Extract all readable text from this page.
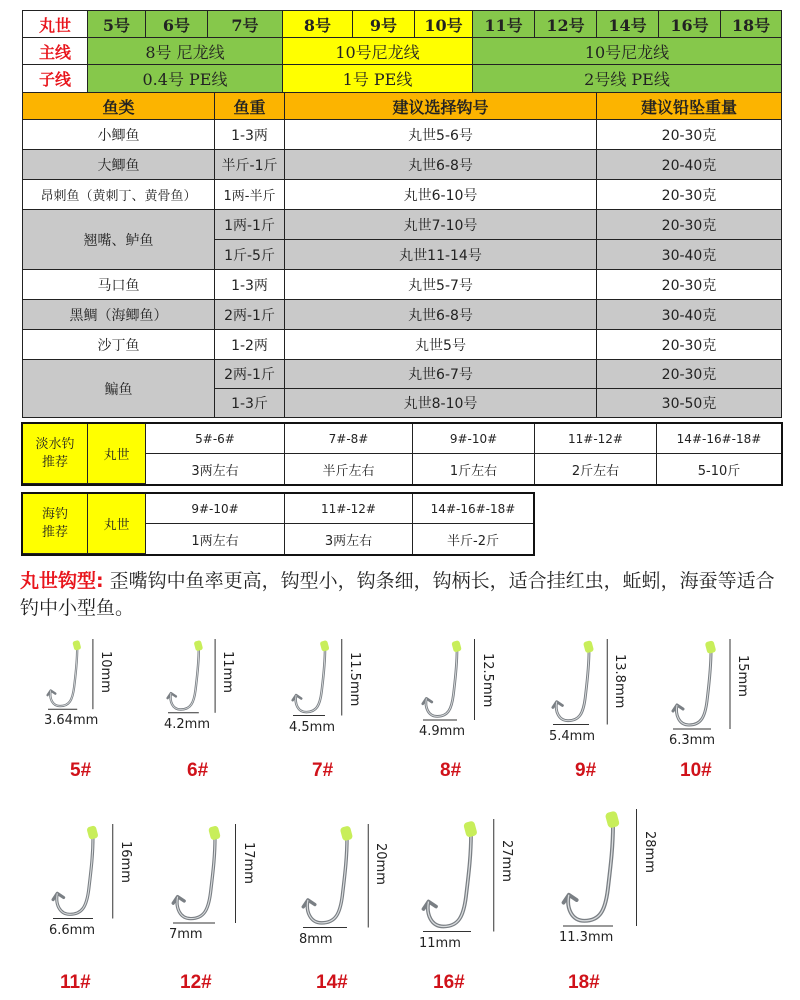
丸世	5号	6号	7号	8号	9号	10号	11号	12号	14号	16号	18号
主线	8号 尼龙线	10号尼龙线	10号尼龙线
子线	0.4号 PE线	1号 PE线	2号线 PE线
鱼类	鱼重	建议选择钩号	建议铅坠重量
小鲫鱼	1-3两	丸世5-6号	20-30克
大鲫鱼	半斤-1斤	丸世6-8号	20-40克
昂刺鱼（黄刺丁、黄骨鱼）	1两-半斤	丸世6-10号	20-30克
翘嘴、鲈鱼
1两-1斤	丸世7-10号	20-30克
1斤-5斤	丸世11-14号	30-40克
马口鱼	1-3两	丸世5-7号	20-30克
黑鲷（海鲫鱼）	2两-1斤	丸世6-8号	30-40克
沙丁鱼	1-2两	丸世5号	20-30克
鳊鱼
2两-1斤	丸世6-7号	20-30克
1-3斤	丸世8-10号	30-50克
淡水钓
推荐	丸世
5#-6#	7#-8#	9#-10#	11#-12#	14#-16#-18#
3两左右	半斤左右	1斤左右	2斤左右	5-10斤
海钓
推荐	丸世
9#-10#	11#-12#	14#-16#-18#
1两左右	3两左右	半斤-2斤
丸世钩型: 歪嘴钩中鱼率更高，钩型小，钩条细，钩柄长，适合挂红虫，蚯蚓，海蚕等适合钓中小型鱼。
10mm
3.64mm
5#
11mm
4.2mm
6#
11.5mm
4.5mm
7#
12.5mm
4.9mm
8#
13.8mm
5.4mm
9#
15mm
6.3mm
10#
16mm
6.6mm
11#
17mm
7mm
12#
20mm
8mm
14#
27mm
11mm
16#
28mm
11.3mm
18#
